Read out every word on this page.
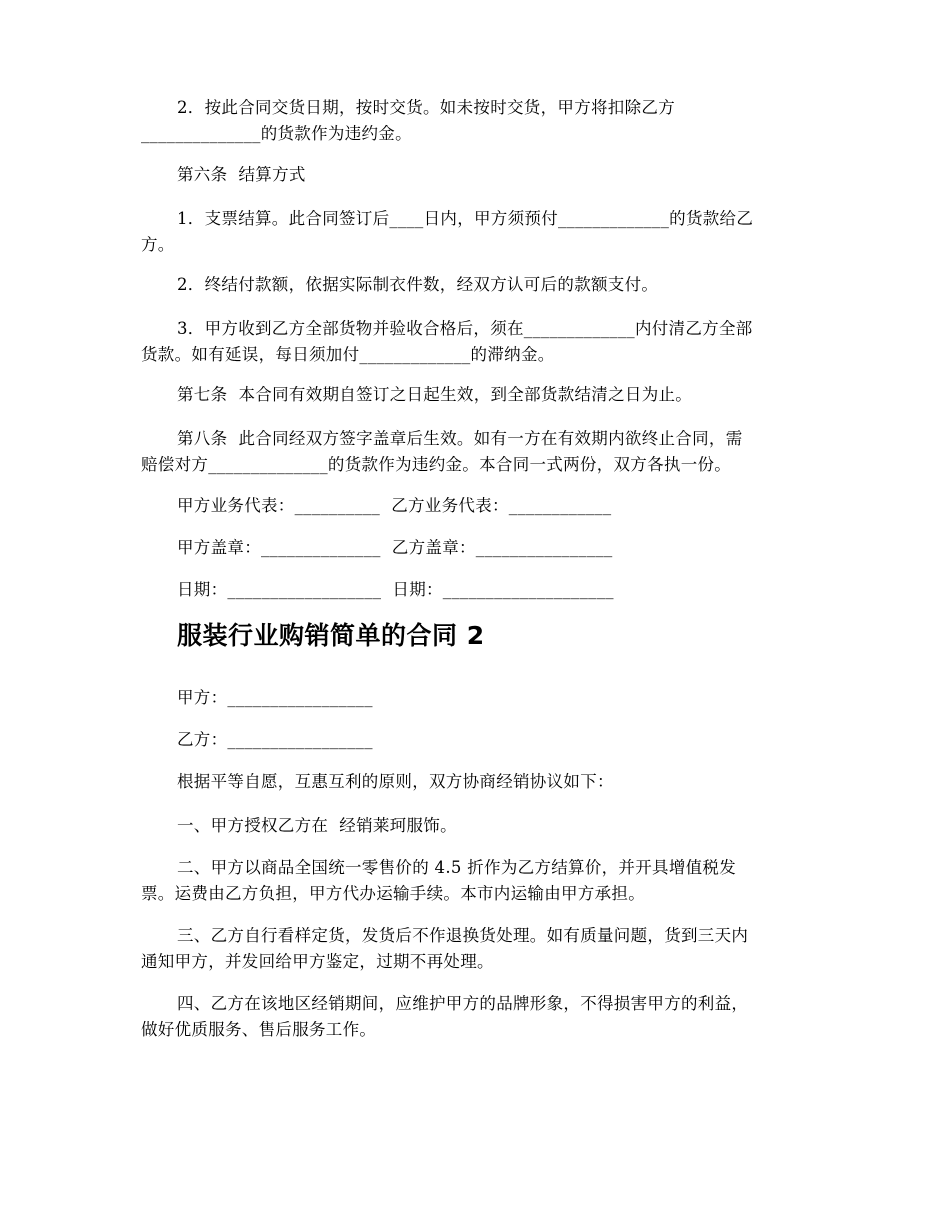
2．按此合同交货日期，按时交货。如未按时交货，甲方将扣除乙方
______________的货款作为违约金。
第六条  结算方式
1．支票结算。此合同签订后____日内，甲方须预付_____________的货款给乙
方。
2．终结付款额，依据实际制衣件数，经双方认可后的款额支付。
3．甲方收到乙方全部货物并验收合格后，须在_____________内付清乙方全部
货款。如有延误，每日须加付_____________的滞纳金。
第七条  本合同有效期自签订之日起生效，到全部货款结清之日为止。
第八条  此合同经双方签字盖章后生效。如有一方在有效期内欲终止合同，需
赔偿对方______________的货款作为违约金。本合同一式两份，双方各执一份。
甲方业务代表：__________  乙方业务代表：____________
甲方盖章：______________  乙方盖章：________________
日期：__________________  日期：____________________
服装行业购销简单的合同 2
甲方：_________________
乙方：_________________
根据平等自愿，互惠互利的原则，双方协商经销协议如下：
一、甲方授权乙方在  经销莱珂服饰。
二、甲方以商品全国统一零售价的 4.5 折作为乙方结算价，并开具增值税发
票。运费由乙方负担，甲方代办运输手续。本市内运输由甲方承担。
三、乙方自行看样定货，发货后不作退换货处理。如有质量问题，货到三天内
通知甲方，并发回给甲方鉴定，过期不再处理。
四、乙方在该地区经销期间，应维护甲方的品牌形象，不得损害甲方的利益，
做好优质服务、售后服务工作。
